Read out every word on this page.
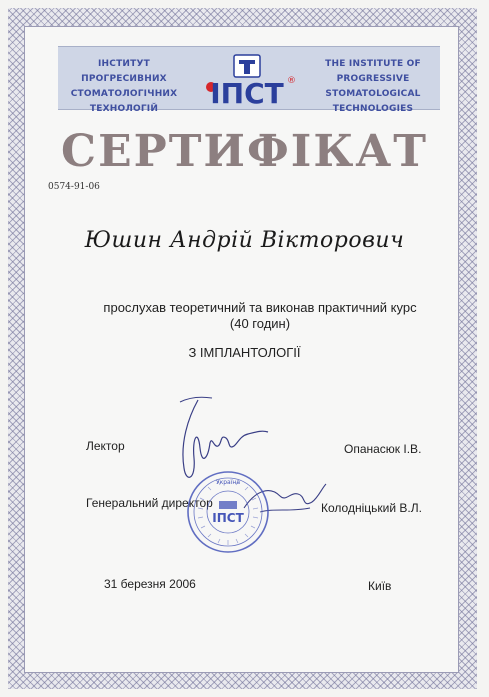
ІНСТИТУТ ПРОГРЕСИВНИХ
СТОМАТОЛОГІЧНИХ ТЕХНОЛОГІЙ	ІПСТ ®
THE INSTITUTE OF PROGRESSIVE
STOMATOLOGICAL TECHNOLOGIES
СЕРТИФІКАТ
0574-91-06
Юшин Андрій Вікторович
прослухав теоретичний та виконав практичний курс
(40 годин)
З ІМПЛАНТОЛОГІЇ
Лектор	Опанасюк І.В.
Генеральний директор	Колодніцький В.Л.
Україна
ІПСТ
31 березня 2006	Київ
